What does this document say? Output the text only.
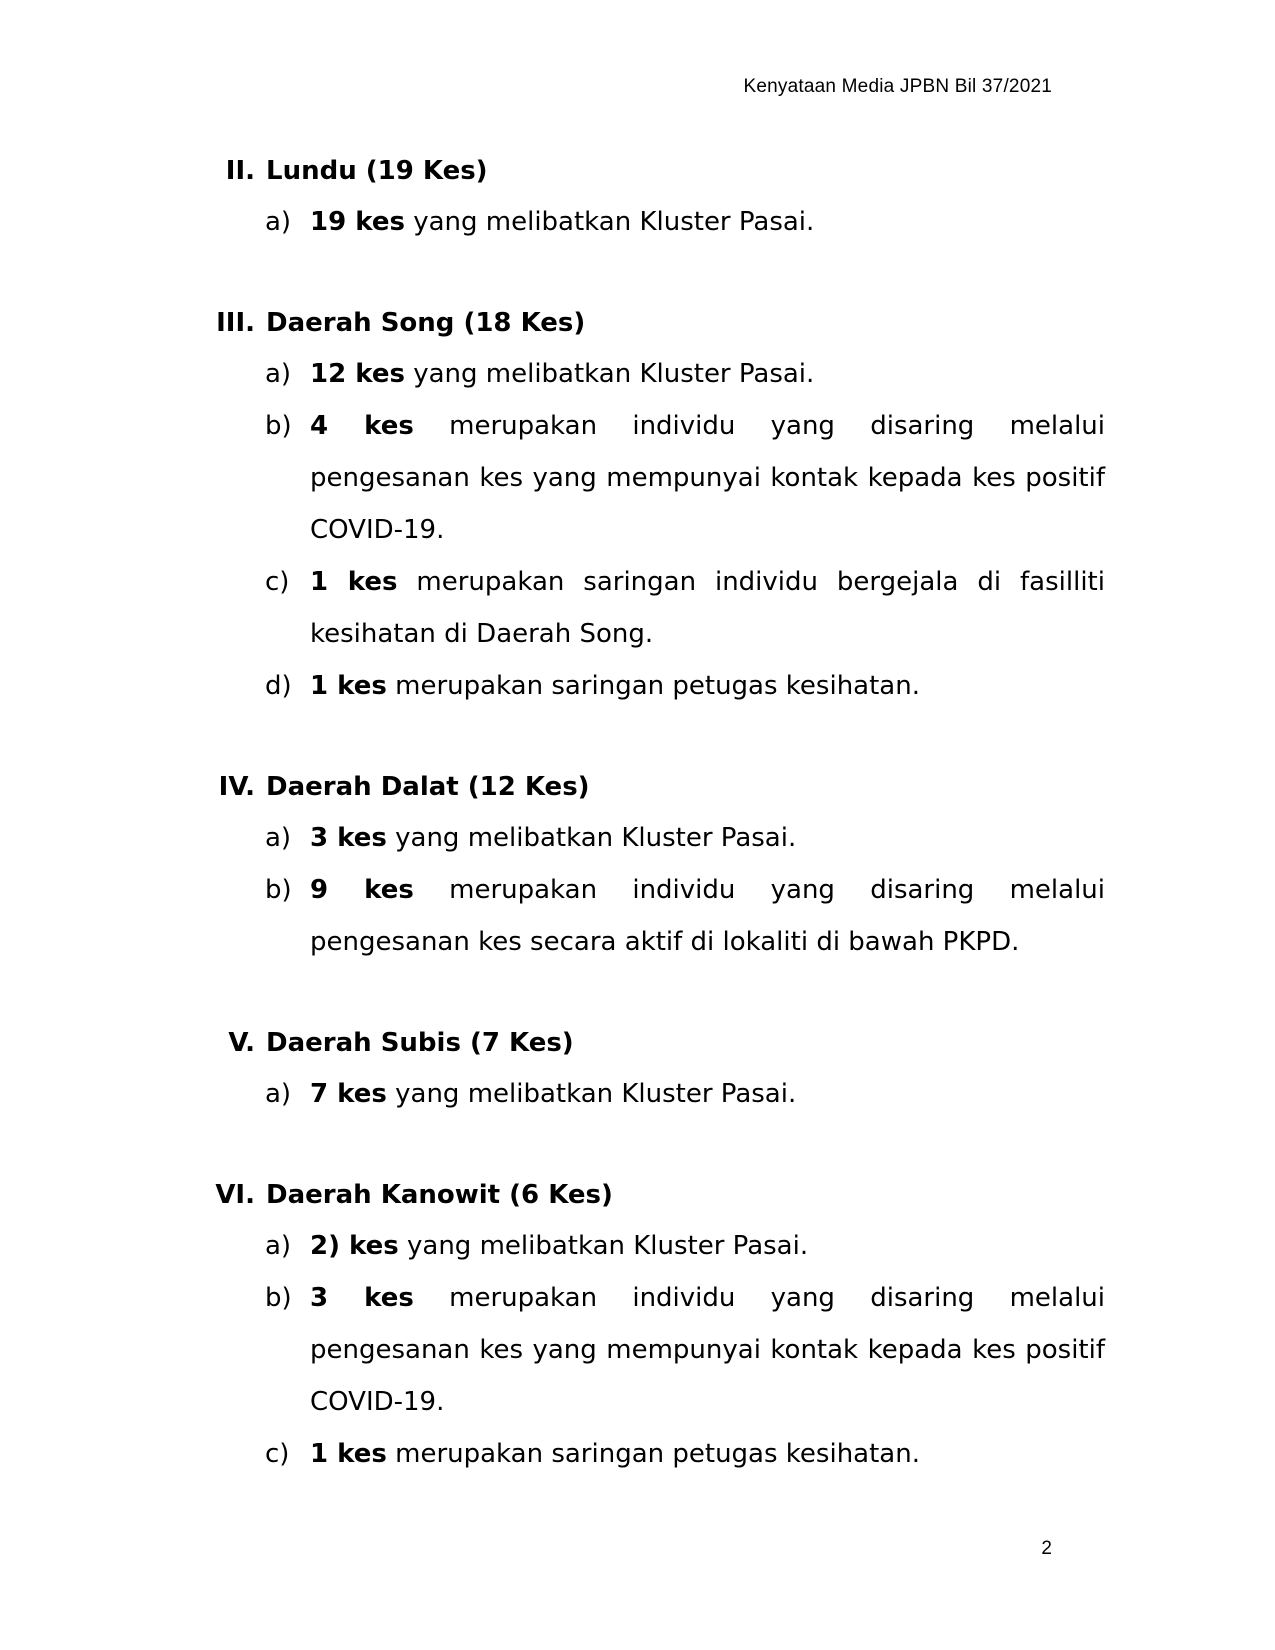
Kenyataan Media JPBN Bil 37/2021
II. Lundu (19 Kes)
a) 19 kes yang melibatkan Kluster Pasai.
III. Daerah Song (18 Kes)
a) 12 kes yang melibatkan Kluster Pasai.
b) 4 kes merupakan individu yang disaring melalui pengesanan kes yang mempunyai kontak kepada kes positif COVID-19.
c) 1 kes merupakan saringan individu bergejala di fasilliti kesihatan di Daerah Song.
d) 1 kes merupakan saringan petugas kesihatan.
IV. Daerah Dalat (12 Kes)
a) 3 kes yang melibatkan Kluster Pasai.
b) 9 kes merupakan individu yang disaring melalui pengesanan kes secara aktif di lokaliti di bawah PKPD.
V. Daerah Subis (7 Kes)
a) 7 kes yang melibatkan Kluster Pasai.
VI. Daerah Kanowit (6 Kes)
a) 2) kes yang melibatkan Kluster Pasai.
b) 3 kes merupakan individu yang disaring melalui pengesanan kes yang mempunyai kontak kepada kes positif COVID-19.
c) 1 kes merupakan saringan petugas kesihatan.
2
